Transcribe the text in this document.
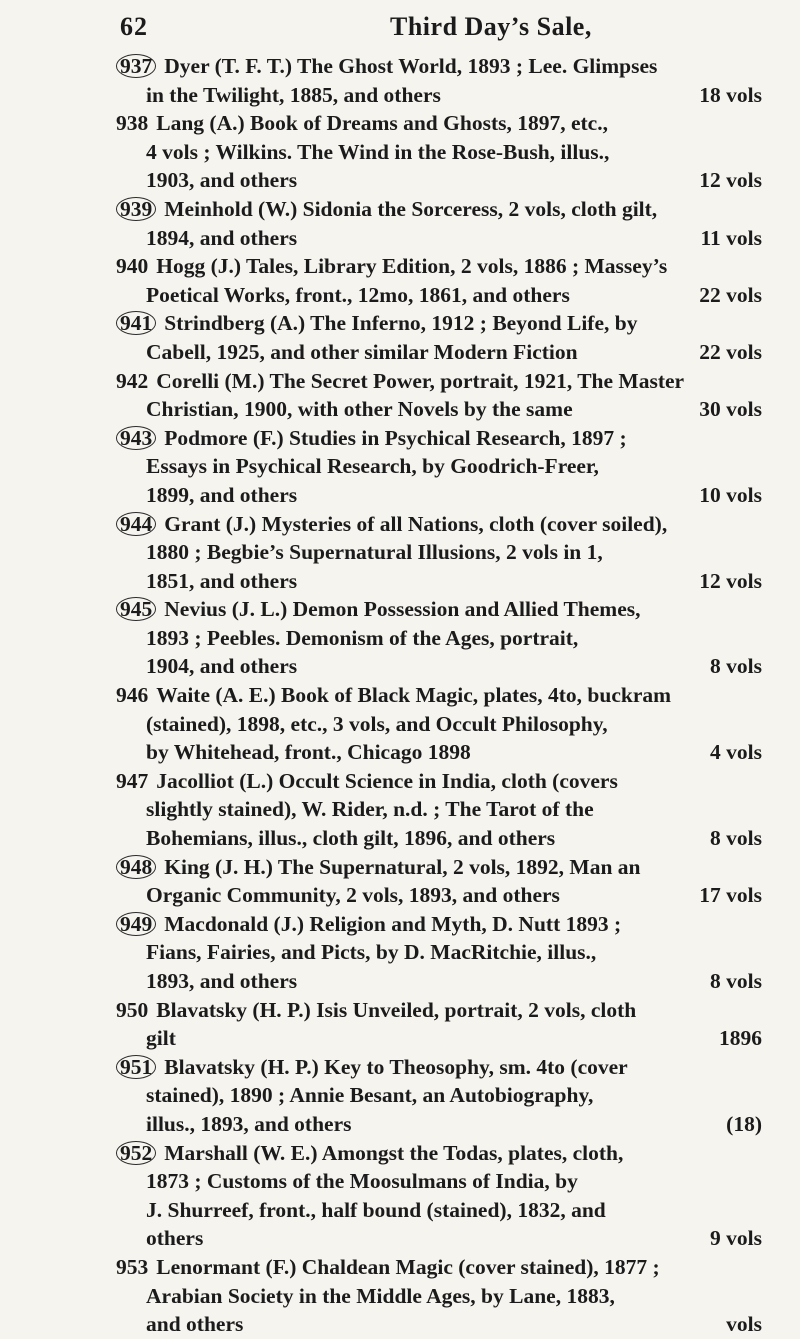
62	Third Day’s Sale,
937 Dyer (T. F. T.) The Ghost World, 1893 ; Lee. Glimpses
in the Twilight, 1885, and others	18 vols
938 Lang (A.) Book of Dreams and Ghosts, 1897, etc.,
4 vols ; Wilkins. The Wind in the Rose-Bush, illus.,
1903, and others	12 vols
939 Meinhold (W.) Sidonia the Sorceress, 2 vols, cloth gilt,
1894, and others	11 vols
940 Hogg (J.) Tales, Library Edition, 2 vols, 1886 ; Massey’s
Poetical Works, front., 12mo, 1861, and others	22 vols
941 Strindberg (A.) The Inferno, 1912 ; Beyond Life, by
Cabell, 1925, and other similar Modern Fiction	22 vols
942 Corelli (M.) The Secret Power, portrait, 1921, The Master
Christian, 1900, with other Novels by the same	30 vols
943 Podmore (F.) Studies in Psychical Research, 1897 ;
Essays in Psychical Research, by Goodrich-Freer,
1899, and others	10 vols
944 Grant (J.) Mysteries of all Nations, cloth (cover soiled),
1880 ; Begbie’s Supernatural Illusions, 2 vols in 1,
1851, and others	12 vols
945 Nevius (J. L.) Demon Possession and Allied Themes,
1893 ; Peebles. Demonism of the Ages, portrait,
1904, and others	8 vols
946 Waite (A. E.) Book of Black Magic, plates, 4to, buckram
(stained), 1898, etc., 3 vols, and Occult Philosophy,
by Whitehead, front., Chicago 1898	4 vols
947 Jacolliot (L.) Occult Science in India, cloth (covers
slightly stained), W. Rider, n.d. ; The Tarot of the
Bohemians, illus., cloth gilt, 1896, and others	8 vols
948 King (J. H.) The Supernatural, 2 vols, 1892, Man an
Organic Community, 2 vols, 1893, and others	17 vols
949 Macdonald (J.) Religion and Myth, D. Nutt 1893 ;
Fians, Fairies, and Picts, by D. MacRitchie, illus.,
1893, and others	8 vols
950 Blavatsky (H. P.) Isis Unveiled, portrait, 2 vols, cloth
gilt	1896
951 Blavatsky (H. P.) Key to Theosophy, sm. 4to (cover
stained), 1890 ; Annie Besant, an Autobiography,
illus., 1893, and others	(18)
952 Marshall (W. E.) Amongst the Todas, plates, cloth,
1873 ; Customs of the Moosulmans of India, by
J. Shurreef, front., half bound (stained), 1832, and
others	9 vols
953 Lenormant (F.) Chaldean Magic (cover stained), 1877 ;
Arabian Society in the Middle Ages, by Lane, 1883,
and others	vols
